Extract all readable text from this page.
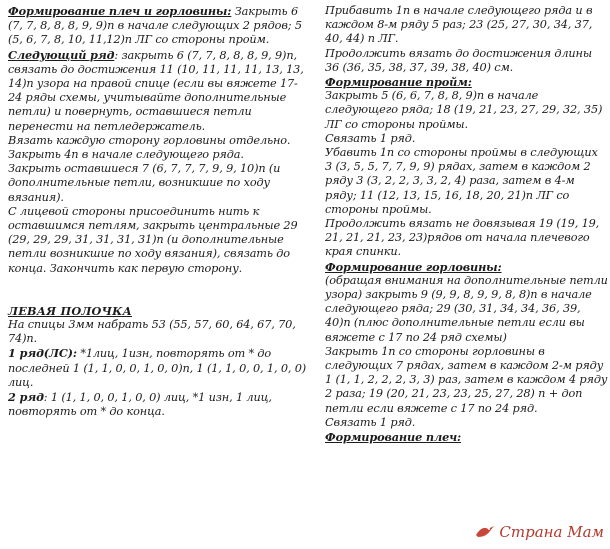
Формирование плеч и горловины: Закрыть 6 (7, 7, 8, 8, 8, 9, 9)п в начале следующих 2 рядов; 5 (5, 6, 7, 8, 10, 11,12)п ЛГ со стороны пройм.
Следующий ряд: закрыть 6 (7, 7, 8, 8, 8, 9, 9)п, связать до достижения 11 (10, 11, 11, 11, 13, 13, 14)п узора на правой спице (если вы вяжете 17-24 ряды схемы, учитывайте дополнительные петли) и повернуть, оставшиеся петли перенести на петледержатель.
Вязать каждую сторону горловины отдельно.
Закрыть 4п в начале следующего ряда.
Закрыть оставшиеся 7 (6, 7, 7, 7, 9, 9, 10)п (и дополнительные петли, возникшие по ходу вязания).
С лицевой стороны присоединить нить к оставшимся петлям, закрыть центральные 29 (29, 29, 29, 31, 31, 31, 31)п (и дополнительные петли возникшие по ходу вязания), связать до конца. Закончить как первую сторону.
ЛЕВАЯ ПОЛОЧКА
На спицы 3мм набрать 53 (55, 57, 60, 64, 67, 70, 74)п.
1 ряд(ЛС): *1лиц, 1изн, повторять от * до последней 1 (1, 1, 0, 0, 1, 0, 0)п, 1 (1, 1, 0, 0, 1, 0, 0) лиц.
2 ряд: 1 (1, 1, 0, 0, 1, 0, 0) лиц, *1 изн, 1 лиц, повторять от * до конца.
Прибавить 1п в начале следующего ряда и в каждом 8-м ряду 5 раз; 23 (25, 27, 30, 34, 37, 40, 44) п ЛГ.
Продолжить вязать до достижения длины 36 (36, 35, 38, 37, 39, 38, 40) см.
Формирование пройм:
Закрыть 5 (6, 6, 7, 8, 8, 9)п в начале следующего ряда; 18 (19, 21, 23, 27, 29, 32, 35) ЛГ со стороны проймы.
Связать 1 ряд.
Убавить 1п со стороны проймы в следующих 3 (3, 5, 5, 7, 7, 9, 9) рядах, затем в каждом 2 ряду 3 (3, 2, 2, 3, 3, 2, 4) раза, затем в 4-м ряду; 11 (12, 13, 15, 16, 18, 20, 21)п ЛГ со стороны проймы.
Продолжить вязать не довязывая 19 (19, 19, 21, 21, 21, 23, 23)рядов от начала плечевого края спинки.
Формирование горловины:
(обращая внимания на дополнительные петли узора) закрыть 9 (9, 9, 8, 9, 9, 8, 8)п в начале следующего ряда; 29 (30, 31, 34, 34, 36, 39, 40)п (плюс дополнительные петли если вы вяжете с 17 по 24 ряд схемы)
Закрыть 1п со стороны горловины в следующих 7 рядах, затем в каждом 2-м ряду 1 (1, 1, 2, 2, 2, 3, 3) раз, затем в каждом 4 ряду 2 раза; 19 (20, 21, 23, 23, 25, 27, 28) п + доп петли если вяжете с 17 по 24 ряд.
Связать 1 ряд.
Формирование плеч:
Страна Мам
